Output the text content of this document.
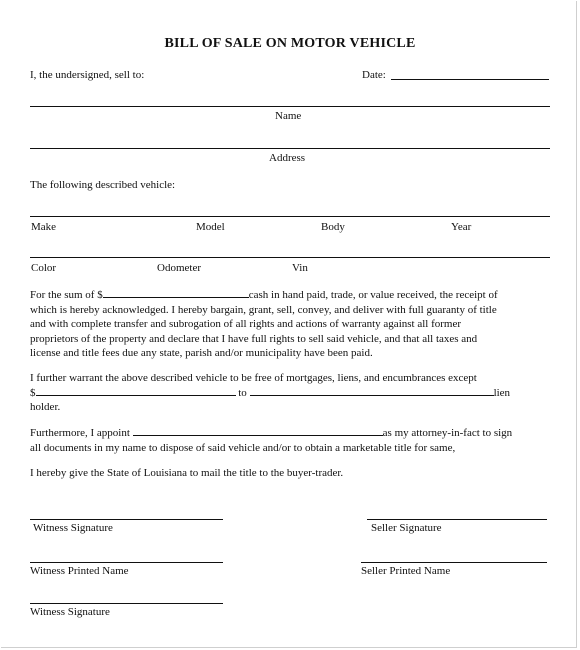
BILL OF SALE ON MOTOR VEHICLE
I, the undersigned, sell to:	Date:
Name
Address
The following described vehicle:
Make	Model	Body	Year
Color	Odometer	Vin
For the sum of $	cash in hand paid, trade, or value received, the receipt of
which is hereby acknowledged. I hereby bargain, grant, sell, convey, and deliver with full guaranty of title
and with complete transfer and subrogation of all rights and actions of warranty against all former
proprietors of the property and declare that I have full rights to sell said vehicle, and that all taxes and
license and title fees due any state, parish and/or municipality have been paid.
I further warrant the above described vehicle to be free of mortgages, liens, and encumbrances except
$	to	lien
holder.
Furthermore, I appoint	as my attorney-in-fact to sign
all documents in my name to dispose of said vehicle and/or to obtain a marketable title for same,
I hereby give the State of Louisiana to mail the title to the buyer-trader.
Witness Signature	Seller Signature
Witness Printed Name	Seller Printed Name
Witness Signature
